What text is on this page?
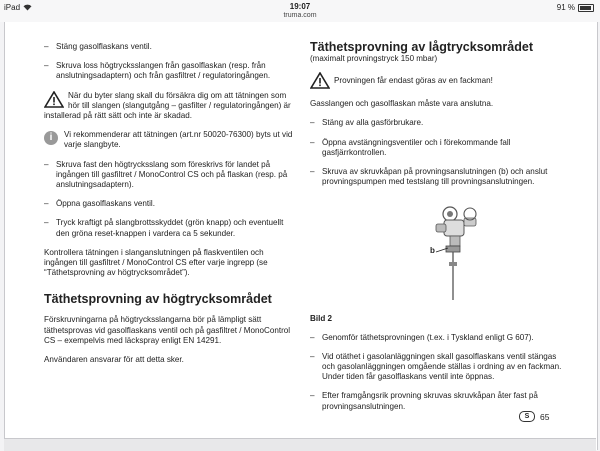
iPad	19:07
truma.com
91 %
– Stäng gasolflaskans ventil.
– Skruva loss högtrycksslangen från gasolflaskan (resp. från anslutningsadaptern) och från gasfiltret / regulatoringången.
När du byter slang skall du försäkra dig om att tätningen som hör till slangen (slangutgång – gasfilter / regulatoringången) är installerad på rätt sätt och inte är skadad.
i	Vi rekommenderar att tätningen (art.nr 50020-76300) byts ut vid varje slangbyte.
– Skruva fast den högtrycksslang som föreskrivs för landet på ingången till gasfiltret / MonoControl CS och på flaskan (resp. på anslutningsadaptern).
– Öppna gasolflaskans ventil.
– Tryck kraftigt på slangbrottsskyddet (grön knapp) och eventuellt den gröna reset-knappen i vardera ca 5 sekunder.

Kontrollera tätningen i slanganslutningen på flaskventilen och ingången till gasfiltret / MonoControl CS efter varje ingrepp (se “Täthetsprovning av högtrycksområdet”).

Täthetsprovning av högtrycksområdet

Förskruvningarna på högtrycksslangarna bör på lämpligt sätt täthetsprovas vid gasolflaskans ventil och på gasfiltret / MonoControl CS – exempelvis med läckspray enligt EN 14291.

Användaren ansvarar för att detta sker.

Täthetsprovning av lågtrycksområdet
(maximalt provningstryck 150 mbar)
Provningen får endast göras av en fackman!

Gasslangen och gasolflaskan måste vara anslutna.

– Stäng av alla gasförbrukare.
– Öppna avstängningsventiler och i förekommande fall gasfjärrkontrollen.
– Skruva av skruvkåpan på provningsanslutningen (b) och anslut provningspumpen med testslang till provningsanslutningen.
b
Bild 2
– Genomför täthetsprovningen (t.ex. i Tyskland enligt G 607).
– Vid otäthet i gasolanläggningen skall gasolflaskans ventil stängas och gasolanläggningen omgående ställas i ordning av en fackman. Under tiden får gasolflaskans ventil inte öppnas.
– Efter framgångsrik provning skruvas skruvkåpan åter fast på provningsanslutningen.
S	65
